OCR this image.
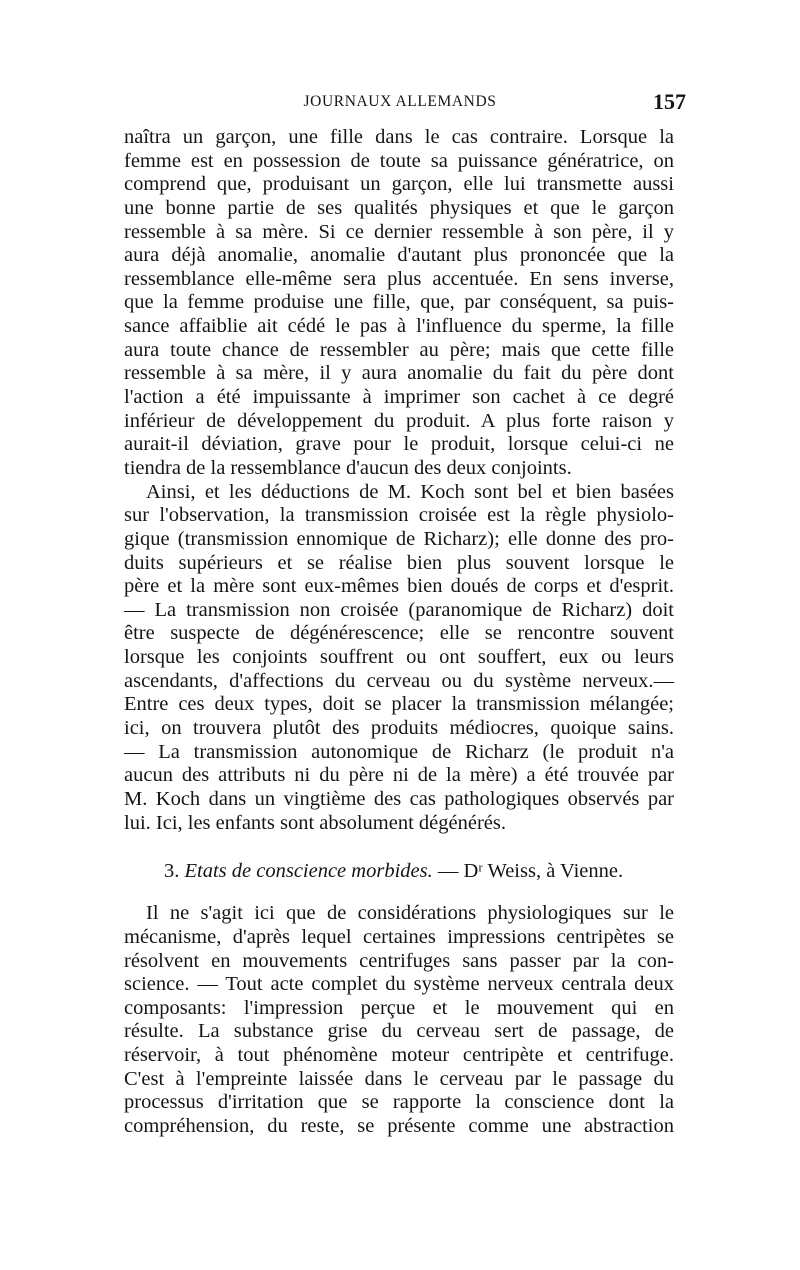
JOURNAUX ALLEMANDS	157
naîtra un garçon, une fille dans le cas contraire. Lorsque la
femme est en possession de toute sa puissance génératrice, on
comprend que, produisant un garçon, elle lui transmette aussi
une bonne partie de ses qualités physiques et que le garçon
ressemble à sa mère. Si ce dernier ressemble à son père, il y
aura déjà anomalie, anomalie d'autant plus prononcée que la
ressemblance elle-même sera plus accentuée. En sens inverse,
que la femme produise une fille, que, par conséquent, sa puis-
sance affaiblie ait cédé le pas à l'influence du sperme, la fille
aura toute chance de ressembler au père; mais que cette fille
ressemble à sa mère, il y aura anomalie du fait du père dont
l'action a été impuissante à imprimer son cachet à ce degré
inférieur de développement du produit. A plus forte raison y
aurait-il déviation, grave pour le produit, lorsque celui-ci ne
tiendra de la ressemblance d'aucun des deux conjoints.
Ainsi, et les déductions de M. Koch sont bel et bien basées
sur l'observation, la transmission croisée est la règle physiolo-
gique (transmission ennomique de Richarz); elle donne des pro-
duits supérieurs et se réalise bien plus souvent lorsque le
père et la mère sont eux-mêmes bien doués de corps et d'esprit.
— La transmission non croisée (paranomique de Richarz) doit
être suspecte de dégénérescence; elle se rencontre souvent
lorsque les conjoints souffrent ou ont souffert, eux ou leurs
ascendants, d'affections du cerveau ou du système nerveux.—
Entre ces deux types, doit se placer la transmission mélangée;
ici, on trouvera plutôt des produits médiocres, quoique sains.
— La transmission autonomique de Richarz (le produit n'a
aucun des attributs ni du père ni de la mère) a été trouvée par
M. Koch dans un vingtième des cas pathologiques observés par
lui. Ici, les enfants sont absolument dégénérés.
3. Etats de conscience morbides. — Dʳ Weiss, à Vienne.
Il ne s'agit ici que de considérations physiologiques sur le
mécanisme, d'après lequel certaines impressions centripètes se
résolvent en mouvements centrifuges sans passer par la con-
science. — Tout acte complet du système nerveux centrala deux
composants: l'impression perçue et le mouvement qui en
résulte. La substance grise du cerveau sert de passage, de
réservoir, à tout phénomène moteur centripète et centrifuge.
C'est à l'empreinte laissée dans le cerveau par le passage du
processus d'irritation que se rapporte la conscience dont la
compréhension, du reste, se présente comme une abstraction
